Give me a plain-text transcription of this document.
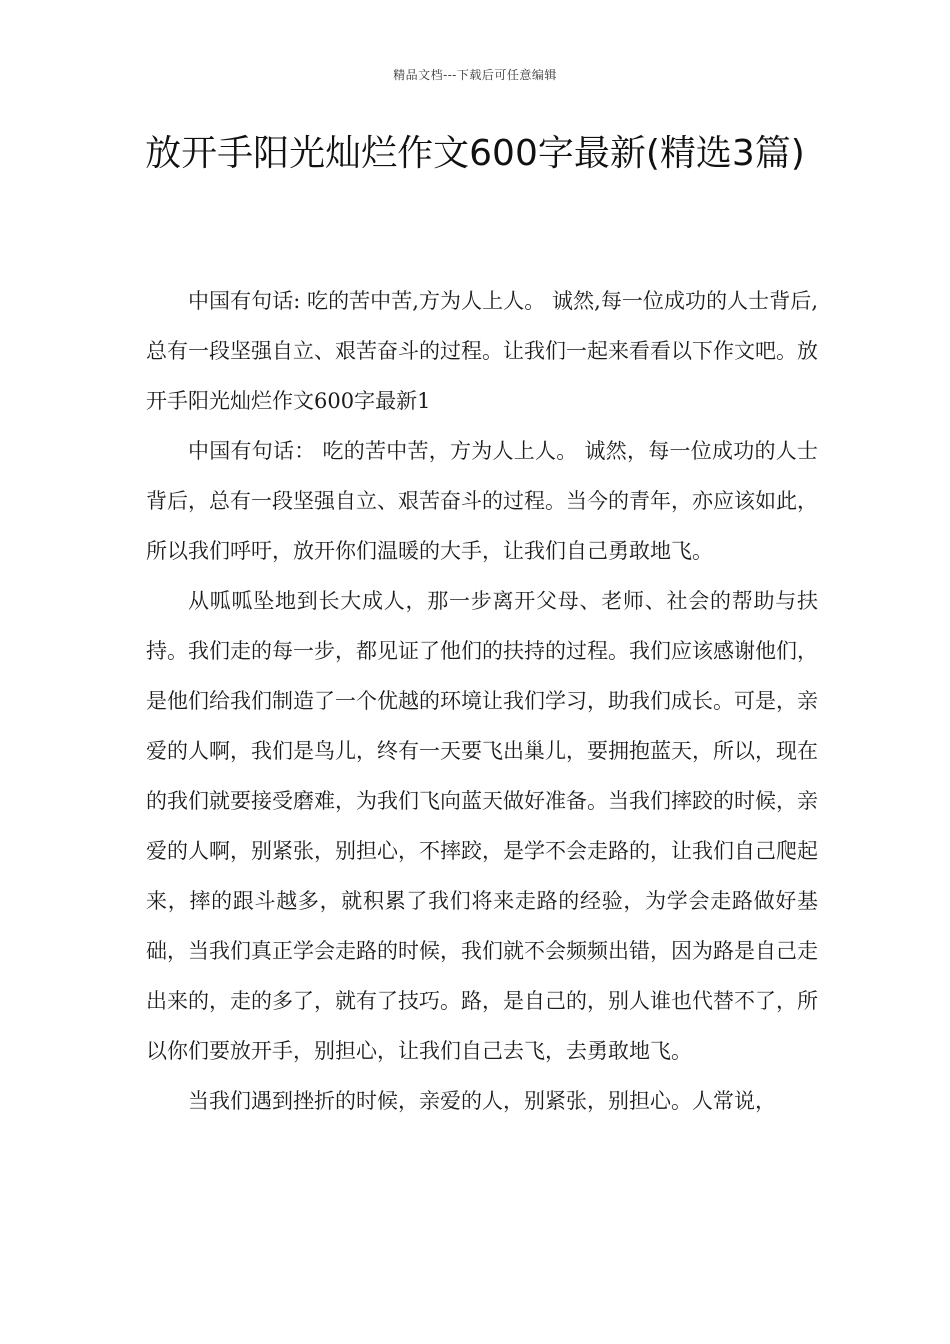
精品文档---下载后可任意编辑
放开手阳光灿烂作文600字最新(精选3篇)

中国有句话: 吃的苦中苦,方为人上人。 诚然,每一位成功的人士背后,总有一段坚强自立、艰苦奋斗的过程。让我们一起来看看以下作文吧。放开手阳光灿烂作文600字最新1

中国有句话： 吃的苦中苦，方为人上人。 诚然，每一位成功的人士背后，总有一段坚强自立、艰苦奋斗的过程。当今的青年，亦应该如此，所以我们呼吁，放开你们温暖的大手，让我们自己勇敢地飞。

从呱呱坠地到长大成人，那一步离开父母、老师、社会的帮助与扶持。我们走的每一步，都见证了他们的扶持的过程。我们应该感谢他们，是他们给我们制造了一个优越的环境让我们学习，助我们成长。可是，亲爱的人啊，我们是鸟儿，终有一天要飞出巢儿，要拥抱蓝天，所以，现在的我们就要接受磨难，为我们飞向蓝天做好准备。当我们摔跤的时候，亲爱的人啊，别紧张，别担心，不摔跤，是学不会走路的，让我们自己爬起来，摔的跟斗越多，就积累了我们将来走路的经验，为学会走路做好基础，当我们真正学会走路的时候，我们就不会频频出错，因为路是自己走出来的，走的多了，就有了技巧。路，是自己的，别人谁也代替不了，所以你们要放开手，别担心，让我们自己去飞，去勇敢地飞。

当我们遇到挫折的时候，亲爱的人，别紧张，别担心。人常说，
